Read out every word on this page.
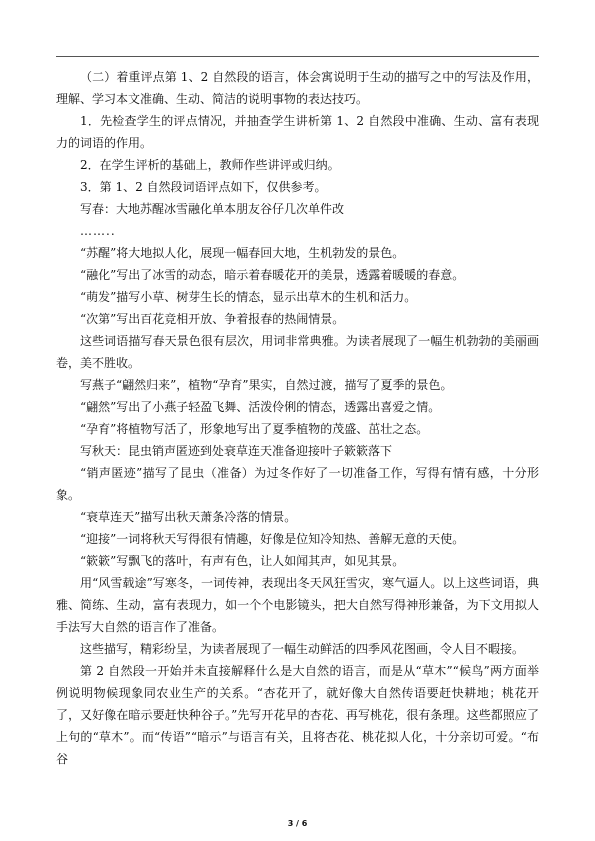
（二）着重评点第 1、2 自然段的语言，体会寓说明于生动的描写之中的写法及作用，理解、学习本文准确、生动、简洁的说明事物的表达技巧。

1．先检查学生的评点情况，并抽查学生讲析第 1、2 自然段中准确、生动、富有表现力的词语的作用。

2．在学生评析的基础上，教师作些讲评或归纳。

3．第 1、2 自然段词语评点如下，仅供参考。

写春：大地苏醒冰雪融化单本朋友谷仔几次单件改

……..

“苏醒”将大地拟人化，展现一幅春回大地，生机勃发的景色。

“融化”写出了冰雪的动态，暗示着春暖花开的美景，透露着暖暖的春意。

“萌发”描写小草、树芽生长的情态，显示出草木的生机和活力。

“次第”写出百花竞相开放、争着报春的热闹情景。

这些词语描写春天景色很有层次，用词非常典雅。为读者展现了一幅生机勃勃的美丽画卷，美不胜收。

写燕子“翩然归来”，植物“孕育”果实，自然过渡，描写了夏季的景色。

“翩然”写出了小燕子轻盈飞舞、活泼伶俐的情态，透露出喜爱之情。

“孕育”将植物写活了，形象地写出了夏季植物的茂盛、茁壮之态。

写秋天：昆虫销声匿迹到处衰草连天准备迎接叶子簌簌落下

“销声匿迹”描写了昆虫（准备）为过冬作好了一切准备工作，写得有情有感，十分形象。

“衰草连天”描写出秋天萧条冷落的情景。

“迎接”一词将秋天写得很有情趣，好像是位知冷知热、善解无意的天使。

“簌簌”写飘飞的落叶，有声有色，让人如闻其声，如见其景。

用“风雪载途”写寒冬，一词传神，表现出冬天风狂雪灾，寒气逼人。以上这些词语，典雅、简练、生动，富有表现力，如一个个电影镜头，把大自然写得神形兼备，为下文用拟人手法写大自然的语言作了准备。

这些描写，精彩纷呈，为读者展现了一幅生动鲜活的四季风花图画，令人目不暇接。

第 2 自然段一开始并未直接解释什么是大自然的语言，而是从“草木”“候鸟”两方面举例说明物候现象同农业生产的关系。“杏花开了，就好像大自然传语要赶快耕地；桃花开了，又好像在暗示要赶快种谷子。”先写开花早的杏花、再写桃花，很有条理。这些都照应了上句的“草木”。而“传语”“暗示”与语言有关，且将杏花、桃花拟人化，十分亲切可爱。“布谷

3 / 6
